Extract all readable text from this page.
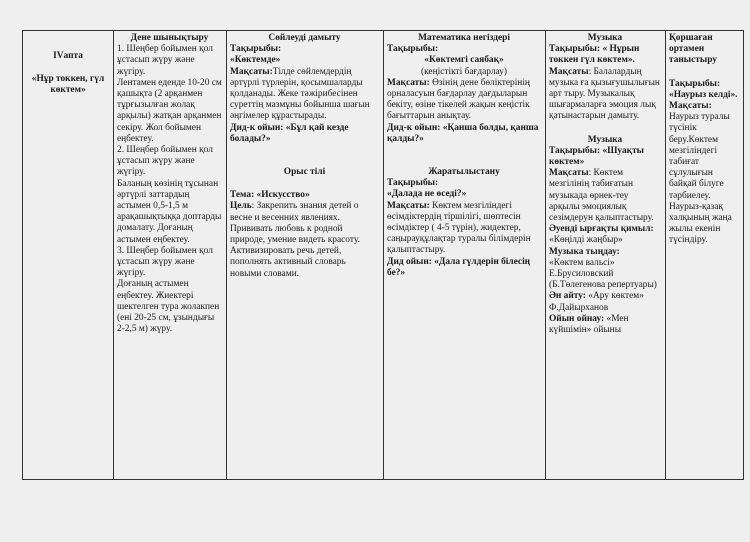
IVапта
«Нұр токкен, гүл көктем»
Дене шынықтыру
1. Шеңбер бойымен қол ұстасып жүру және жүгіру.
Лентамен еденде 10-20 см қашықта (2 арқанмен тұрғызылған жолақ арқылы) жатқан арқанмен секіру. Жол бойымен еңбектеу.
2. Шеңбер бойымен қол ұстасып жүру және жүгіру.
Баланың көзінің тұсынан әртүрлі заттардың астымен 0,5-1,5 м арақашықтыққа доптарды домалату. Доғаның астымен еңбектеу.
3. Шеңбер бойымен қол ұстасып жүру және жүгіру.
Доғаның астымен еңбектеу. Жиектері шектелген тура жолакпен (ені 20-25 см, ұзындығы 2-2,5 м) жүру.
Сөйлеуді дамыту
Тақырыбы:
«Көктемде»
Мақсаты:Тілде сөйлемдердің әртүрлі түрлерін, қосымшаларды қолданады. Жеке тәжірибесінен суреттің мазмұны бойынша шағын әңгімелер құрастырады.
Дид-к ойын: «Бұл қай кезде болады?»
Орыс тілі
Тема: «Искусство»
Цель: Закрепить знания детей о весне и весенних явлениях. Прививать любовь к родной природе, умение видеть красоту. Активизировать речь детей, пополнять активный словарь новыми словами.
Математика негіздері
Тақырыбы:
«Көктемгі саябақ»
(кеңістікті бағдарлау)
Мақсаты: Өзінің дене бөліктерінің орналасуын бағдарлау дағдыларын бекіту, өзіне тікелей жақын кеңістік бағыттарын анықтау.
Дид-к ойын: «Қанша болды, қанша қалды?»
Жаратылыстану
Тақырыбы:
«Далада не өседі?»
Мақсаты: Көктем мезгіліндегі өсімдіктердің тіршілігі, шөптесін өсімдіктер ( 4-5 түрін), жидектер, саңырауқұлақтар туралы білімдерін қалыптастыру.
Дид ойын: «Дала гүлдерін білесің бе?»
Музыка
Тақырыбы: « Нұрын токкен гүл көктем».
Мақсаты: Балалардың музыка ға қызығушылығын арт тыру. Музыкалық шығармаларға эмоция лық қатынастарын дамыту.
Музыка
Тақырыбы: «Шуақты көктем»
Мақсаты: Көктем мезгілінің табиғатын музыкада өрнек-теу арқылы эмоциялық сезімдерун қалыптастыру.
Әуенді ырғақты қимыл:
«Көңілді жаңбыр»
Музыка тыңдау:
«Көктем вальсі» Е.Брусиловский (Б.Төлегенова репертуары)
Ән айту: «Ару көктем» Ф.Дайырханов
Ойын ойнау: «Мен күйшімін» ойыны
Қоршаған ортамен таныстыру
Тақырыбы:
«Наурыз келді».
Мақсаты: Наурыз туралы түсінік беру.Көктем мезгіліндегі табиғат сұлулығын байқай білуге тәрбиелеу. Наурыз-қазақ халқының жаңа жылы екенін түсіндіру.
